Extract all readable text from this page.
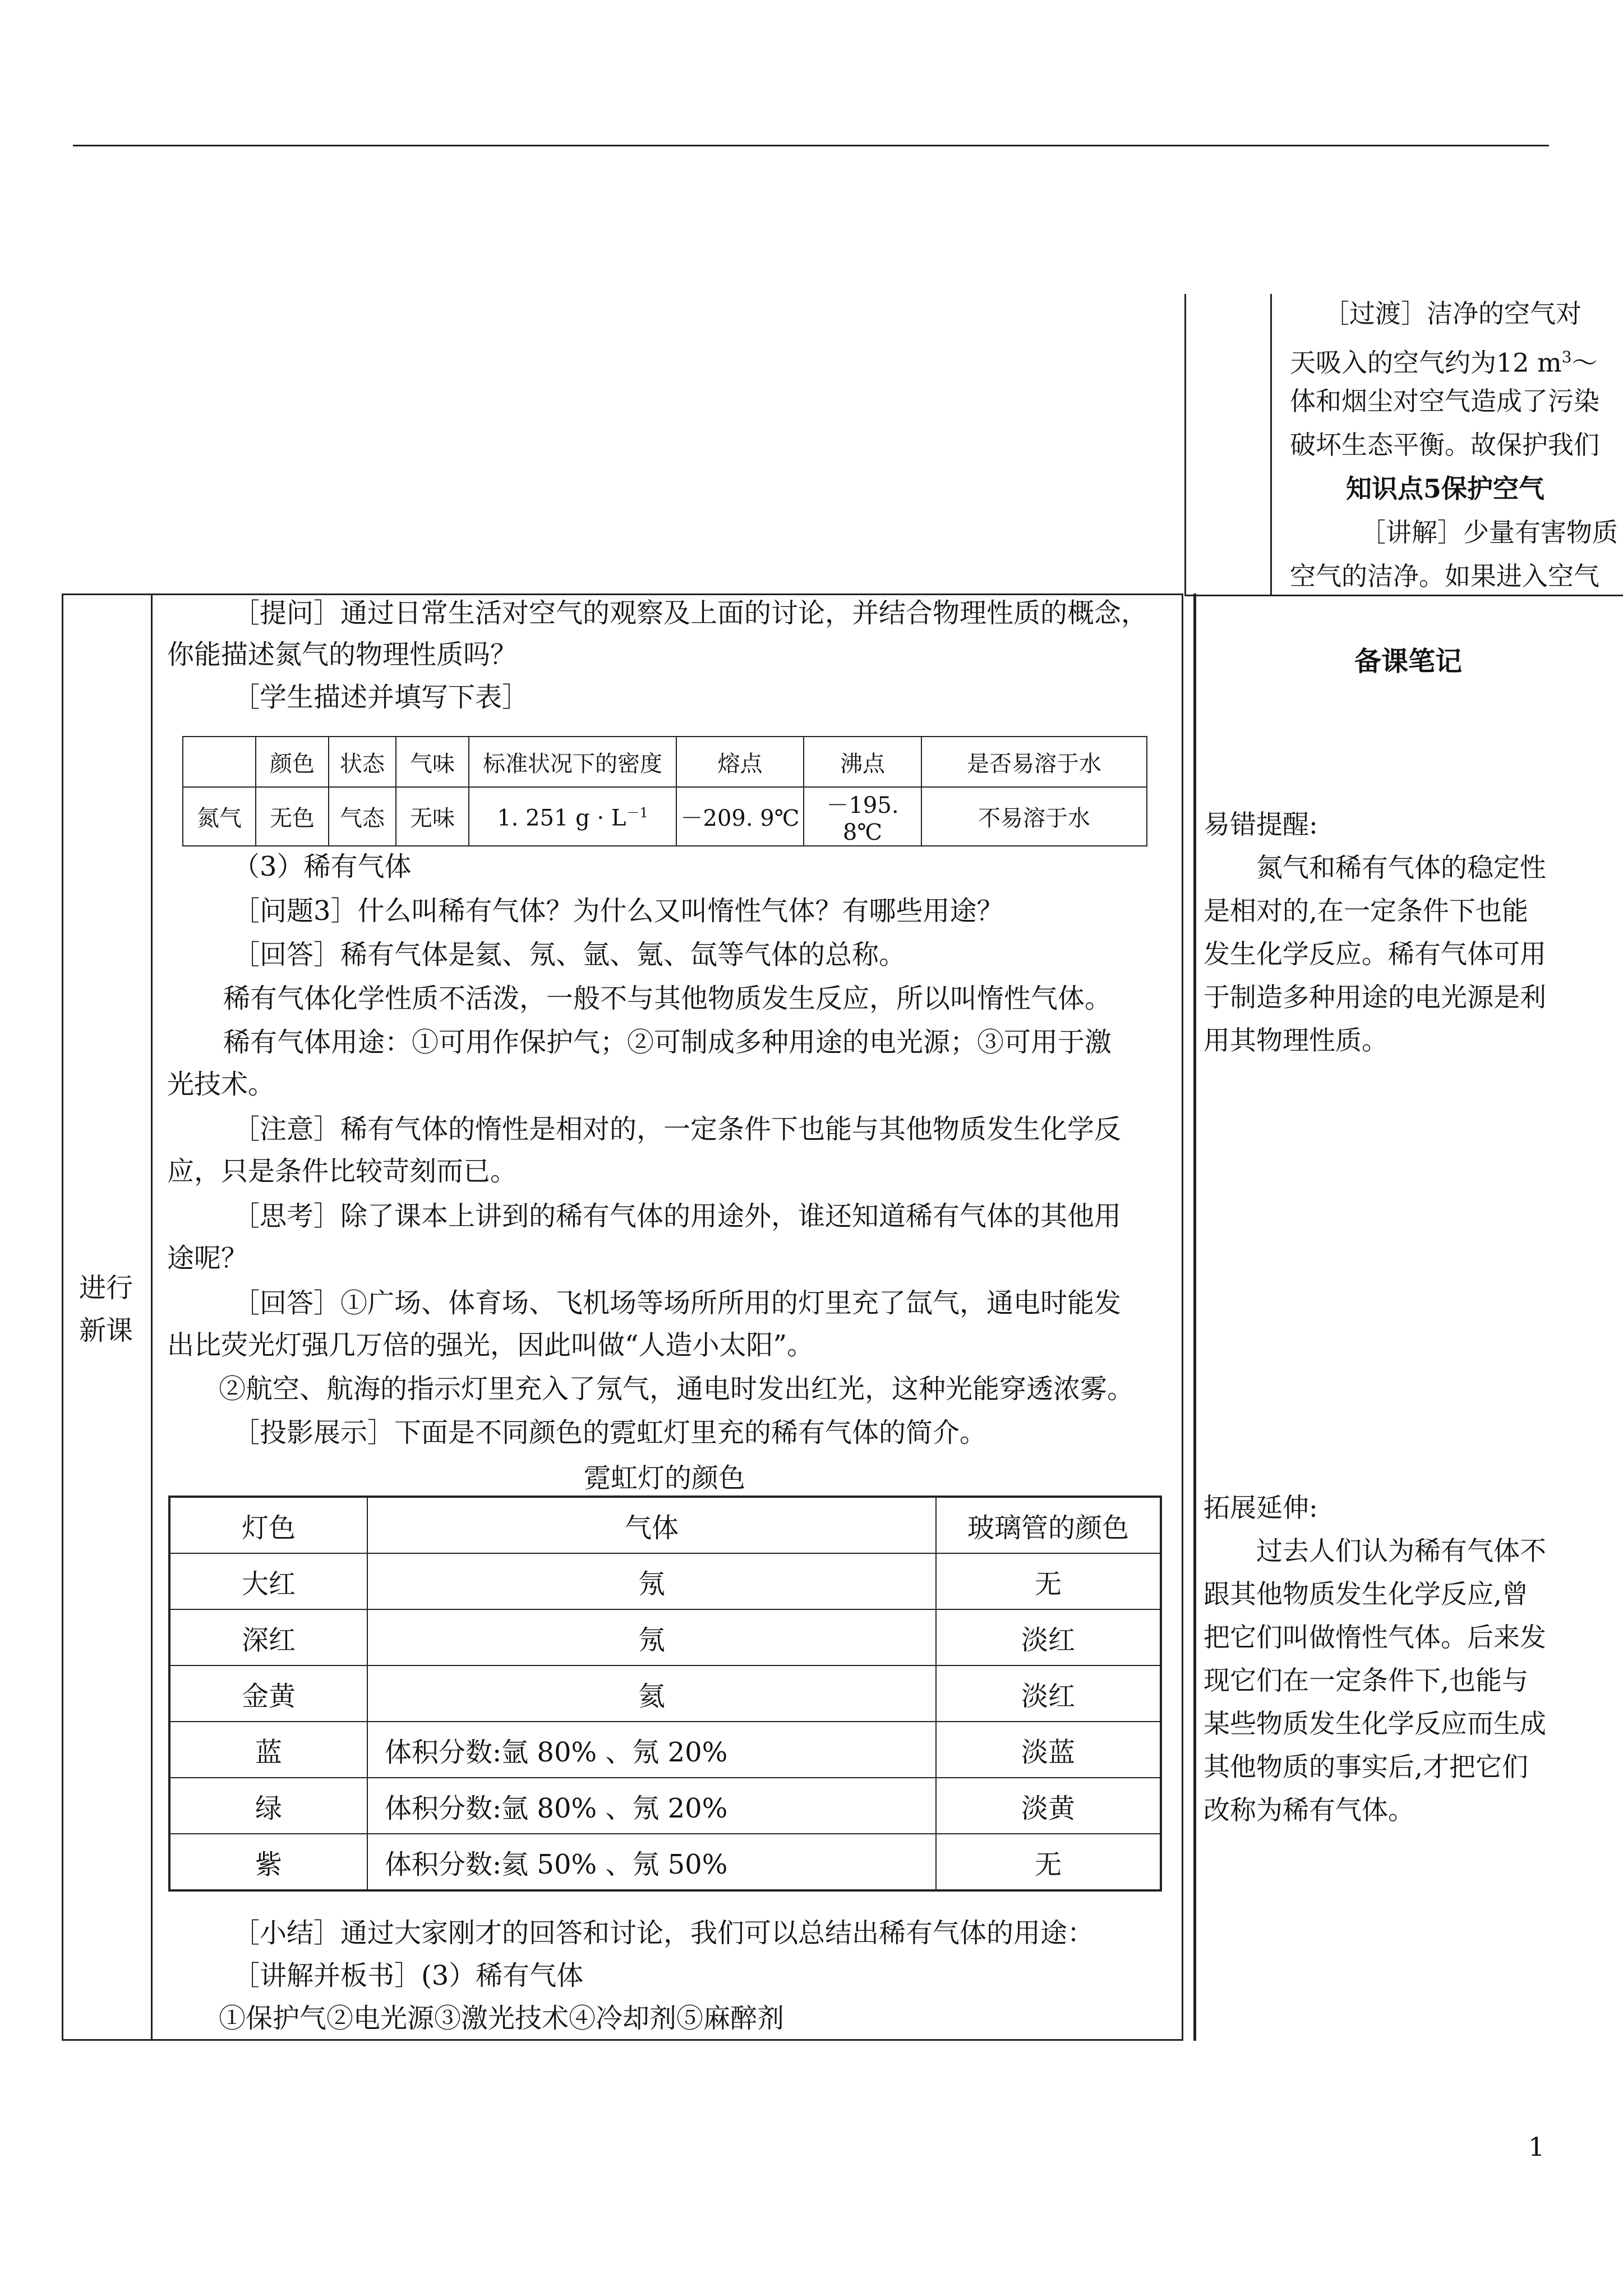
［过渡］洁净的空气对

天吸入的空气约为12 $m^3\sim$

体和烟尘对空气造成了污染

破坏生态平衡。故保护我们

知识点5保护空气

［讲解］少量有害物质

空气的洁净。如果进入空气

进行
新课
备课笔记

易错提醒:

氮气和稀有气体的稳定性是相对的,在一定条件下也能发生化学反应。稀有气体可用于制造多种用途的电光源是利用其物理性质。

拓展延伸:

过去人们认为稀有气体不跟其他物质发生化学反应,曾把它们叫做惰性气体。后来发现它们在一定条件下,也能与某些物质发生化学反应而生成其他物质的事实后,才把它们改称为稀有气体。

［提问］通过日常生活对空气的观察及上面的讨论，并结合物理性质的概念，

你能描述氮气的物理性质吗？

［学生描述并填写下表］

	颜色	状态	气味	标准状况下的密度	熔点	沸点	是否易溶于水
氮气	无色	气态	无味	1. 251 $g \cdot L^{-1}$	－209. 9℃	－195. 8℃	不易溶于水

（3）稀有气体

［问题3］什么叫稀有气体？为什么又叫惰性气体？有哪些用途？

［回答］稀有气体是氦、氖、氩、氪、氙等气体的总称。

稀有气体化学性质不活泼，一般不与其他物质发生反应，所以叫惰性气体。

稀有气体用途：①可用作保护气；②可制成多种用途的电光源；③可用于激

光技术。

［注意］稀有气体的惰性是相对的，一定条件下也能与其他物质发生化学反

应，只是条件比较苛刻而已。

［思考］除了课本上讲到的稀有气体的用途外，谁还知道稀有气体的其他用

途呢？

［回答］①广场、体育场、飞机场等场所所用的灯里充了氙气，通电时能发

出比荧光灯强几万倍的强光，因此叫做“人造小太阳”。

②航空、航海的指示灯里充入了氖气，通电时发出红光，这种光能穿透浓雾。

［投影展示］下面是不同颜色的霓虹灯里充的稀有气体的简介。

霓虹灯的颜色
灯色	气体	玻璃管的颜色
大红	氖	无
深红	氖	淡红
金黄	氦	淡红
蓝	体积分数:氩 80% 、氖 20%	淡蓝
绿	体积分数:氩 80% 、氖 20%	淡黄
紫	体积分数:氦 50% 、氖 50%	无

［小结］通过大家刚才的回答和讨论，我们可以总结出稀有气体的用途：

［讲解并板书］(3）稀有气体

①保护气②电光源③激光技术④冷却剂⑤麻醉剂

1
